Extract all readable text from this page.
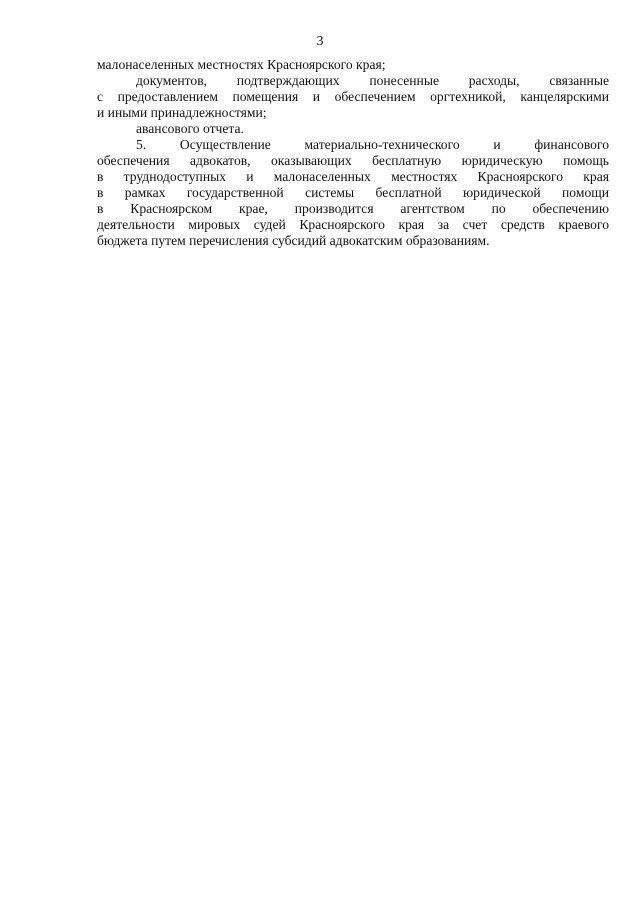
3
малонаселенных местностях Красноярского края;
документов, подтверждающих понесенные расходы, связанные
с предоставлением помещения и обеспечением оргтехникой, канцелярскими
и иными принадлежностями;
авансового отчета.
5. Осуществление материально-технического и финансового
обеспечения адвокатов, оказывающих бесплатную юридическую помощь
в труднодоступных и малонаселенных местностях Красноярского края
в рамках государственной системы бесплатной юридической помощи
в Красноярском крае, производится агентством по обеспечению
деятельности мировых судей Красноярского края за счет средств краевого
бюджета путем перечисления субсидий адвокатским образованиям.
